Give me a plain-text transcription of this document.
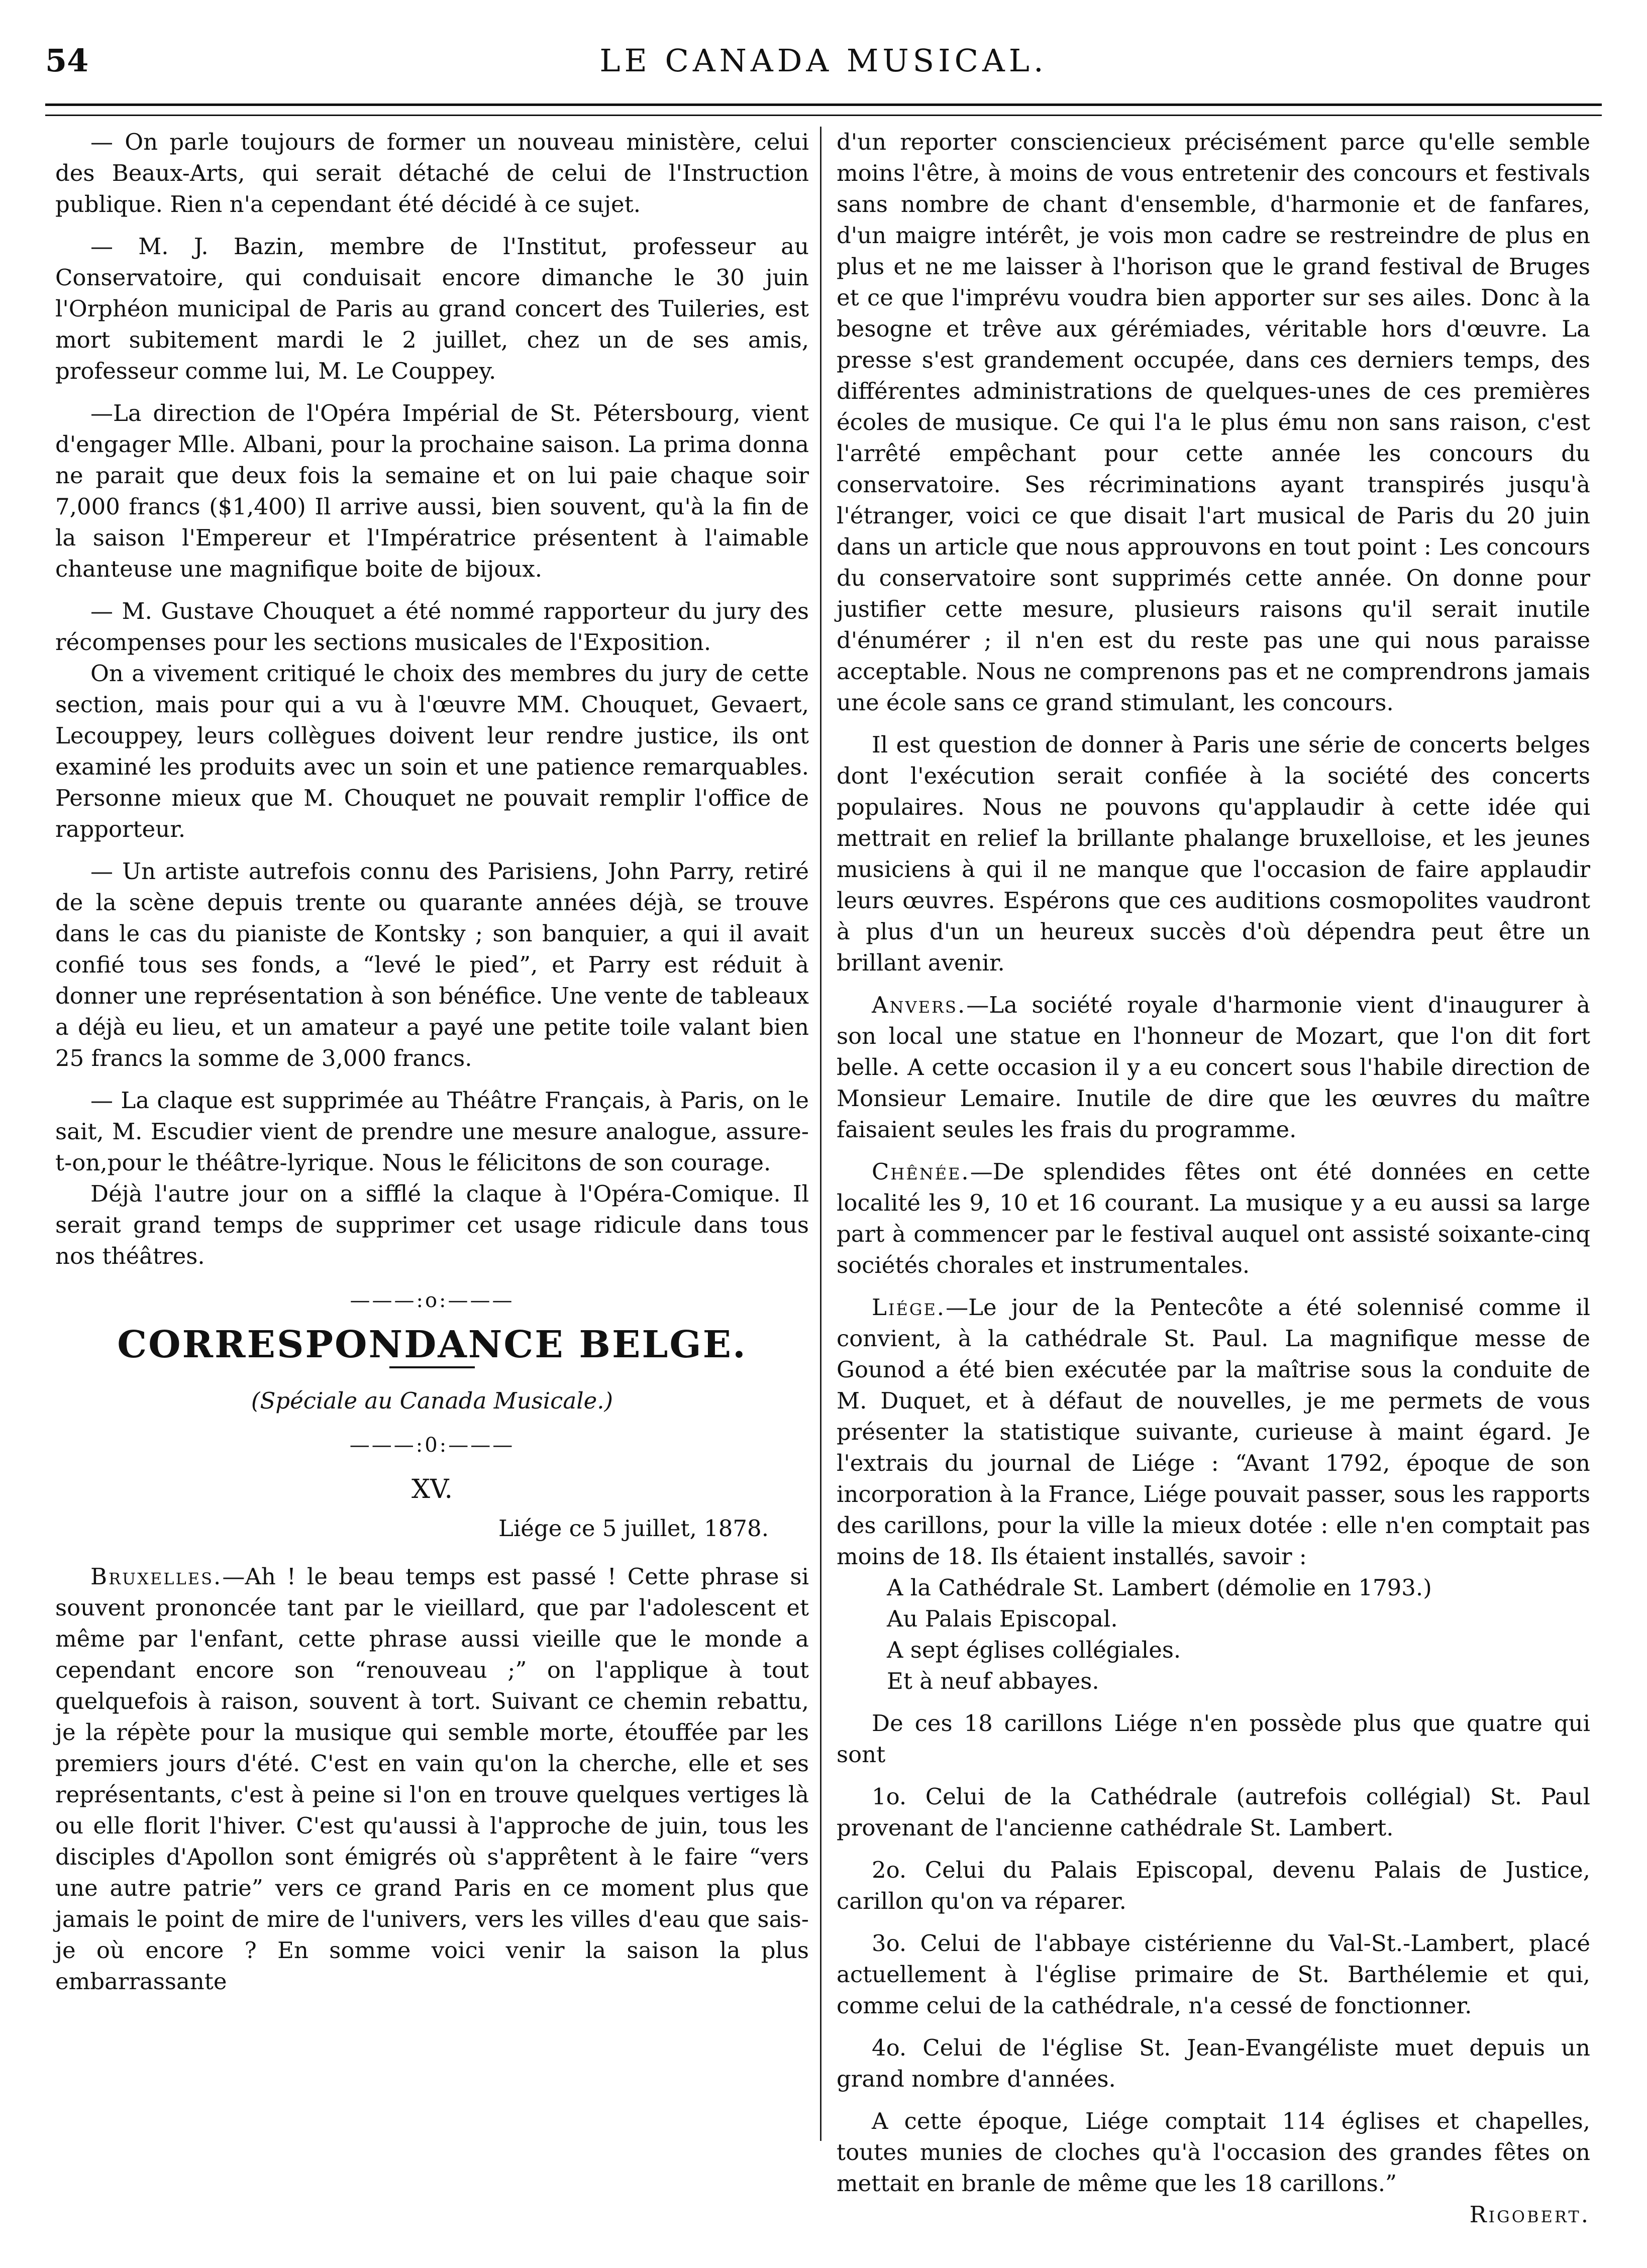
54	LE CANADA MUSICAL.

— On parle toujours de former un nouveau ministère, celui des Beaux-Arts, qui serait détaché de celui de l'Instruction publique. Rien n'a cependant été décidé à ce sujet.

— M. J. Bazin, membre de l'Institut, professeur au Conservatoire, qui conduisait encore dimanche le 30 juin l'Orphéon municipal de Paris au grand concert des Tuileries, est mort subitement mardi le 2 juillet, chez un de ses amis, professeur comme lui, M. Le Couppey.

—La direction de l'Opéra Impérial de St. Pétersbourg, vient d'engager Mlle. Albani, pour la prochaine saison. La prima donna ne parait que deux fois la semaine et on lui paie chaque soir 7,000 francs ($1,400) Il arrive aussi, bien souvent, qu'à la fin de la saison l'Empereur et l'Impératrice présentent à l'aimable chanteuse une magnifique boite de bijoux.

— M. Gustave Chouquet a été nommé rapporteur du jury des récompenses pour les sections musicales de l'Exposition.

On a vivement critiqué le choix des membres du jury de cette section, mais pour qui a vu à l'œuvre MM. Chouquet, Gevaert, Lecouppey, leurs collègues doivent leur rendre justice, ils ont examiné les produits avec un soin et une patience remarquables. Personne mieux que M. Chouquet ne pouvait remplir l'office de rapporteur.

— Un artiste autrefois connu des Parisiens, John Parry, retiré de la scène depuis trente ou quarante années déjà, se trouve dans le cas du pianiste de Kontsky ; son banquier, a qui il avait confié tous ses fonds, a “levé le pied”, et Parry est réduit à donner une représentation à son bénéfice. Une vente de tableaux a déjà eu lieu, et un amateur a payé une petite toile valant bien 25 francs la somme de 3,000 francs.

— La claque est supprimée au Théâtre Français, à Paris, on le sait, M. Escudier vient de prendre une mesure analogue, assure-t-on,pour le théâtre-lyrique. Nous le félicitons de son courage.

Déjà l'autre jour on a sifflé la claque à l'Opéra-Comique. Il serait grand temps de supprimer cet usage ridicule dans tous nos théâtres.

———:o:———
CORRESPONDANCE BELGE.
(Spéciale au Canada Musicale.)
———:0:———
XV.
Liége ce 5 juillet, 1878.

Bruxelles.—Ah ! le beau temps est passé ! Cette phrase si souvent prononcée tant par le vieillard, que par l'adolescent et même par l'enfant, cette phrase aussi vieille que le monde a cependant encore son “renouveau ;” on l'applique à tout quelquefois à raison, souvent à tort. Suivant ce chemin rebattu, je la répète pour la musique qui semble morte, étouffée par les premiers jours d'été. C'est en vain qu'on la cherche, elle et ses représentants, c'est à peine si l'on en trouve quelques vertiges là ou elle florit l'hiver. C'est qu'aussi à l'approche de juin, tous les disciples d'Apollon sont émigrés où s'apprêtent à le faire “vers une autre patrie” vers ce grand Paris en ce moment plus que jamais le point de mire de l'univers, vers les villes d'eau que sais-je où encore ? En somme voici venir la saison la plus embarrassante

d'un reporter consciencieux précisément parce qu'elle semble moins l'être, à moins de vous entretenir des concours et festivals sans nombre de chant d'ensemble, d'harmonie et de fanfares, d'un maigre intérêt, je vois mon cadre se restreindre de plus en plus et ne me laisser à l'horison que le grand festival de Bruges et ce que l'imprévu voudra bien apporter sur ses ailes. Donc à la besogne et trêve aux gérémiades, véritable hors d'œuvre. La presse s'est grandement occupée, dans ces derniers temps, des différentes administrations de quelques-unes de ces premières écoles de musique. Ce qui l'a le plus ému non sans raison, c'est l'arrêté empêchant pour cette année les concours du conservatoire. Ses récriminations ayant transpirés jusqu'à l'étranger, voici ce que disait l'art musical de Paris du 20 juin dans un article que nous approuvons en tout point : Les concours du conservatoire sont supprimés cette année. On donne pour justifier cette mesure, plusieurs raisons qu'il serait inutile d'énumérer ; il n'en est du reste pas une qui nous paraisse acceptable. Nous ne comprenons pas et ne comprendrons jamais une école sans ce grand stimulant, les concours.

Il est question de donner à Paris une série de concerts belges dont l'exécution serait confiée à la société des concerts populaires. Nous ne pouvons qu'applaudir à cette idée qui mettrait en relief la brillante phalange bruxelloise, et les jeunes musiciens à qui il ne manque que l'occasion de faire applaudir leurs œuvres. Espérons que ces auditions cosmopolites vaudront à plus d'un un heureux succès d'où dépendra peut être un brillant avenir.

Anvers.—La société royale d'harmonie vient d'inaugurer à son local une statue en l'honneur de Mozart, que l'on dit fort belle. A cette occasion il y a eu concert sous l'habile direction de Monsieur Lemaire. Inutile de dire que les œuvres du maître faisaient seules les frais du programme.

Chênée.—De splendides fêtes ont été données en cette localité les 9, 10 et 16 courant. La musique y a eu aussi sa large part à commencer par le festival auquel ont assisté soixante-cinq sociétés chorales et instrumentales.

Liége.—Le jour de la Pentecôte a été solennisé comme il convient, à la cathédrale St. Paul. La magnifique messe de Gounod a été bien exécutée par la maîtrise sous la conduite de M. Duquet, et à défaut de nouvelles, je me permets de vous présenter la statistique suivante, curieuse à maint égard. Je l'extrais du journal de Liége : “Avant 1792, époque de son incorporation à la France, Liége pouvait passer, sous les rapports des carillons, pour la ville la mieux dotée : elle n'en comptait pas moins de 18. Ils étaient installés, savoir :

A la Cathédrale St. Lambert (démolie en 1793.)
Au Palais Episcopal.
A sept églises collégiales.
Et à neuf abbayes.

De ces 18 carillons Liége n'en possède plus que quatre qui sont

1o. Celui de la Cathédrale (autrefois collégial) St. Paul provenant de l'ancienne cathédrale St. Lambert.

2o. Celui du Palais Episcopal, devenu Palais de Justice, carillon qu'on va réparer.

3o. Celui de l'abbaye cistérienne du Val-St.-Lambert, placé actuellement à l'église primaire de St. Barthélemie et qui, comme celui de la cathédrale, n'a cessé de fonctionner.

4o. Celui de l'église St. Jean-Evangéliste muet depuis un grand nombre d'années.

A cette époque, Liége comptait 114 églises et chapelles, toutes munies de cloches qu'à l'occasion des grandes fêtes on mettait en branle de même que les 18 carillons.”

Rigobert.
